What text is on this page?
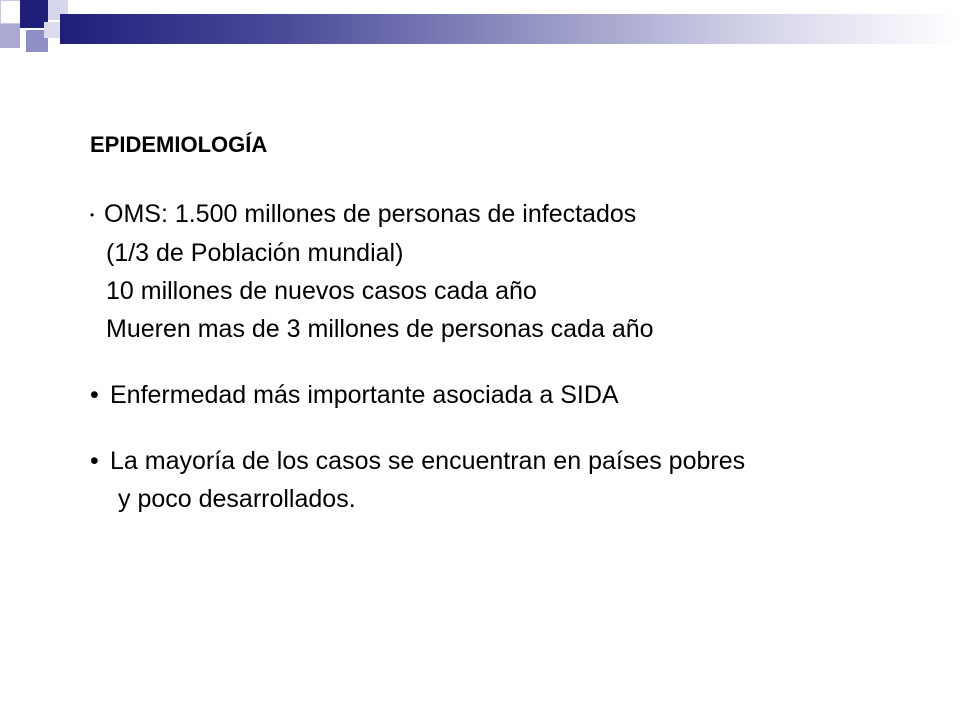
EPIDEMIOLOGÍA
• OMS: 1.500 millones de personas de infectados
(1/3 de Población mundial)
10 millones de nuevos casos cada año
Mueren mas de 3 millones de personas cada año
• Enfermedad más importante asociada a SIDA
• La mayoría de los casos se encuentran en países pobres
y poco desarrollados.
